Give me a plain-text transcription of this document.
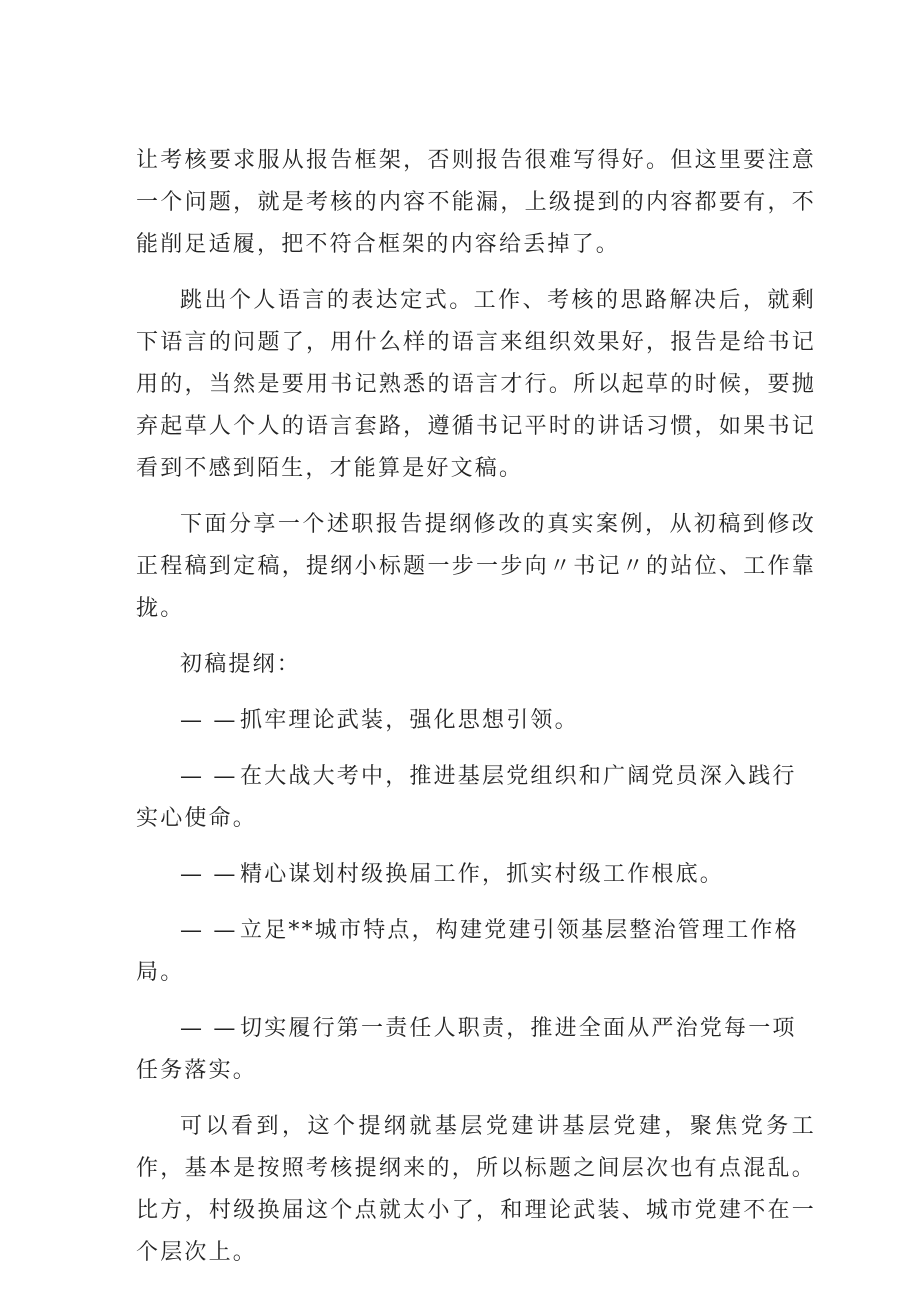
让考核要求服从报告框架，否则报告很难写得好。但这里要注意一个问题，就是考核的内容不能漏，上级提到的内容都要有，不能削足适履，把不符合框架的内容给丢掉了。

跳出个人语言的表达定式。工作、考核的思路解决后，就剩下语言的问题了，用什么样的语言来组织效果好，报告是给书记用的，当然是要用书记熟悉的语言才行。所以起草的时候，要抛弃起草人个人的语言套路，遵循书记平时的讲话习惯，如果书记看到不感到陌生，才能算是好文稿。

下面分享一个述职报告提纲修改的真实案例，从初稿到修改正程稿到定稿，提纲小标题一步一步向〃书记〃的站位、工作靠拢。

初稿提纲：

— — 抓牢理论武装，强化思想引领。

— — 在大战大考中，推进基层党组织和广阔党员深入践行实心使命。

— — 精心谋划村级换届工作，抓实村级工作根底。

— — 立足**城市特点，构建党建引领基层整治管理工作格局。

— — 切实履行第一责任人职责，推进全面从严治党每一项任务落实。

可以看到，这个提纲就基层党建讲基层党建，聚焦党务工作，基本是按照考核提纲来的，所以标题之间层次也有点混乱。比方，村级换届这个点就太小了，和理论武装、城市党建不在一个层次上。
